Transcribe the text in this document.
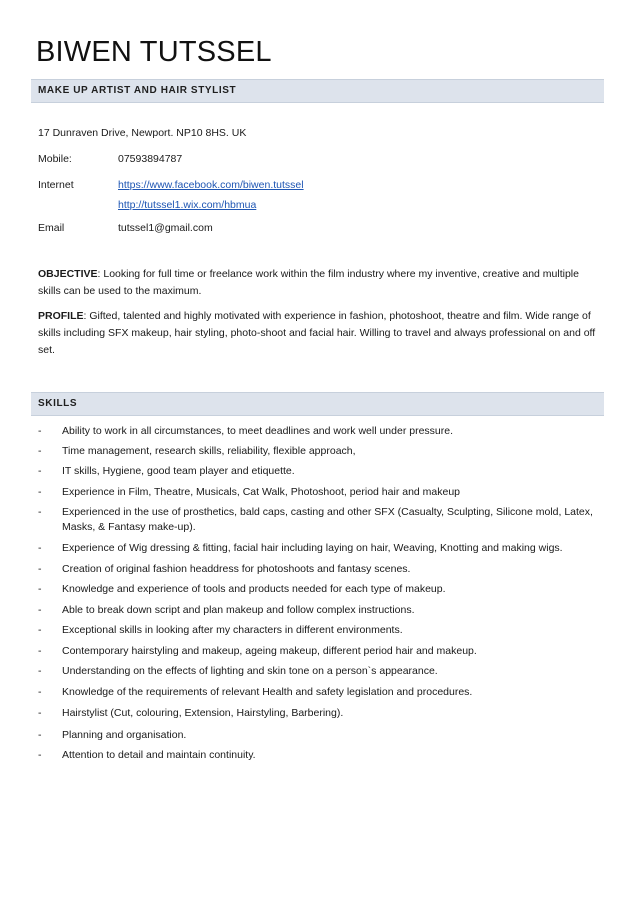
BIWEN TUTSSEL
MAKE UP ARTIST AND HAIR STYLIST
17 Dunraven Drive, Newport. NP10 8HS. UK
Mobile:	07593894787
Internet	https://www.facebook.com/biwen.tutssel
http://tutssel1.wix.com/hbmua
Email	tutssel1@gmail.com
OBJECTIVE: Looking for full time or freelance work within the film industry where my inventive, creative and multiple skills can be used to the maximum.
PROFILE: Gifted, talented and highly motivated with experience in fashion, photoshoot, theatre and film. Wide range of skills including SFX makeup, hair styling, photo-shoot and facial hair. Willing to travel and always professional on and off set.
SKILLS
- Ability to work in all circumstances, to meet deadlines and work well under pressure.
- Time management, research skills, reliability, flexible approach,
- IT skills, Hygiene, good team player and etiquette.
- Experience in Film, Theatre, Musicals, Cat Walk, Photoshoot, period hair and makeup
- Experienced in the use of prosthetics, bald caps, casting and other SFX (Casualty, Sculpting, Silicone mold, Latex, Masks, & Fantasy make-up).
- Experience of Wig dressing & fitting, facial hair including laying on hair, Weaving, Knotting and making wigs.
- Creation of original fashion headdress for photoshoots and fantasy scenes.
- Knowledge and experience of tools and products needed for each type of makeup.
- Able to break down script and plan makeup and follow complex instructions.
- Exceptional skills in looking after my characters in different environments.
- Contemporary hairstyling and makeup, ageing makeup, different period hair and makeup.
- Understanding on the effects of lighting and skin tone on a person`s appearance.
- Knowledge of the requirements of relevant Health and safety legislation and procedures.
- Hairstylist (Cut, colouring, Extension, Hairstyling, Barbering).
- Planning and organisation.
- Attention to detail and maintain continuity.
